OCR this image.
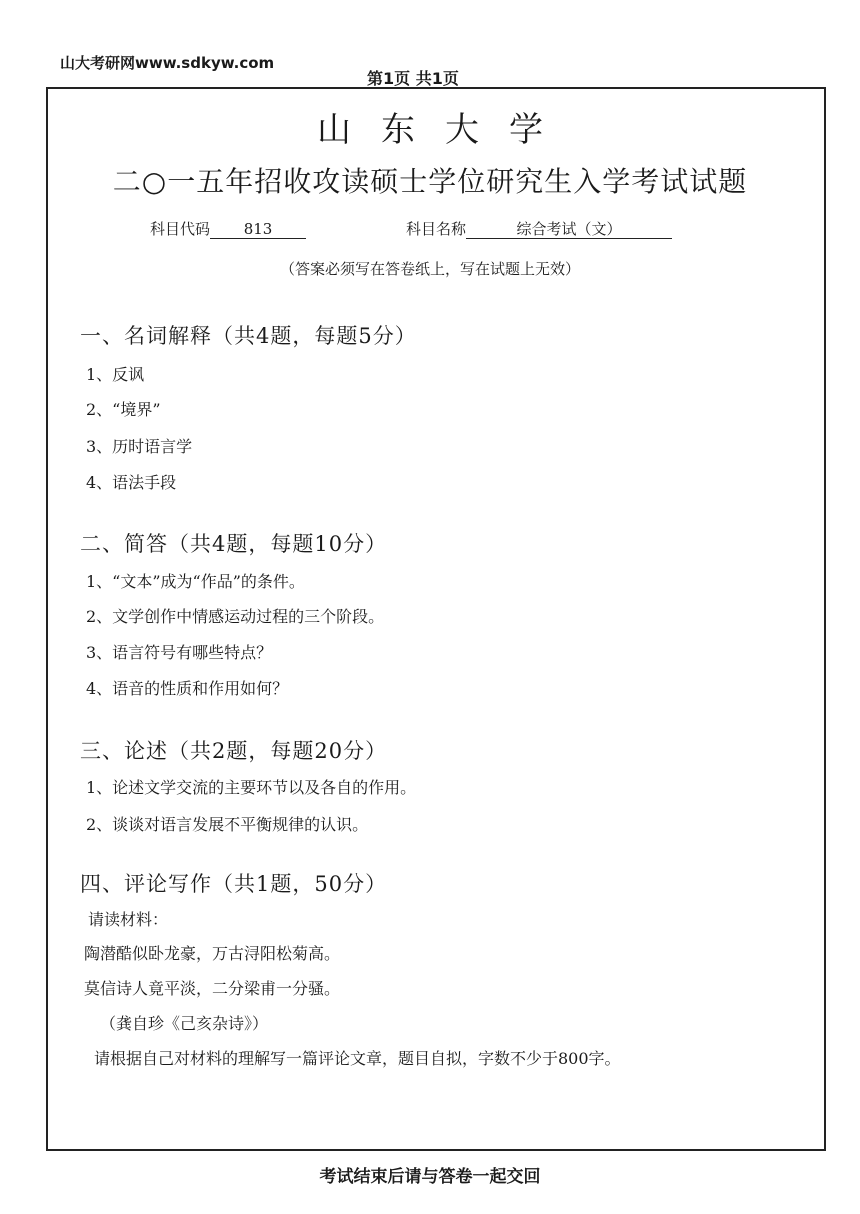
山大考研网www.sdkyw.com
第1页 共1页
山东大学
二○一五年招收攻读硕士学位研究生入学考试试题
科目代码 813	科目名称	综合考试（文）
（答案必须写在答卷纸上，写在试题上无效）
一、名词解释（共4题，每题5分）
1、反讽
2、“境界”
3、历时语言学
4、语法手段
二、简答（共4题，每题10分）
1、“文本”成为“作品”的条件。
2、文学创作中情感运动过程的三个阶段。
3、语言符号有哪些特点？
4、语音的性质和作用如何？
三、论述（共2题，每题20分）
1、论述文学交流的主要环节以及各自的作用。
2、谈谈对语言发展不平衡规律的认识。
四、评论写作（共1题，50分）
请读材料：
陶潜酷似卧龙豪，万古浔阳松菊高。
莫信诗人竟平淡，二分梁甫一分骚。
（龚自珍《己亥杂诗》）
请根据自己对材料的理解写一篇评论文章，题目自拟，字数不少于800字。
考试结束后请与答卷一起交回
